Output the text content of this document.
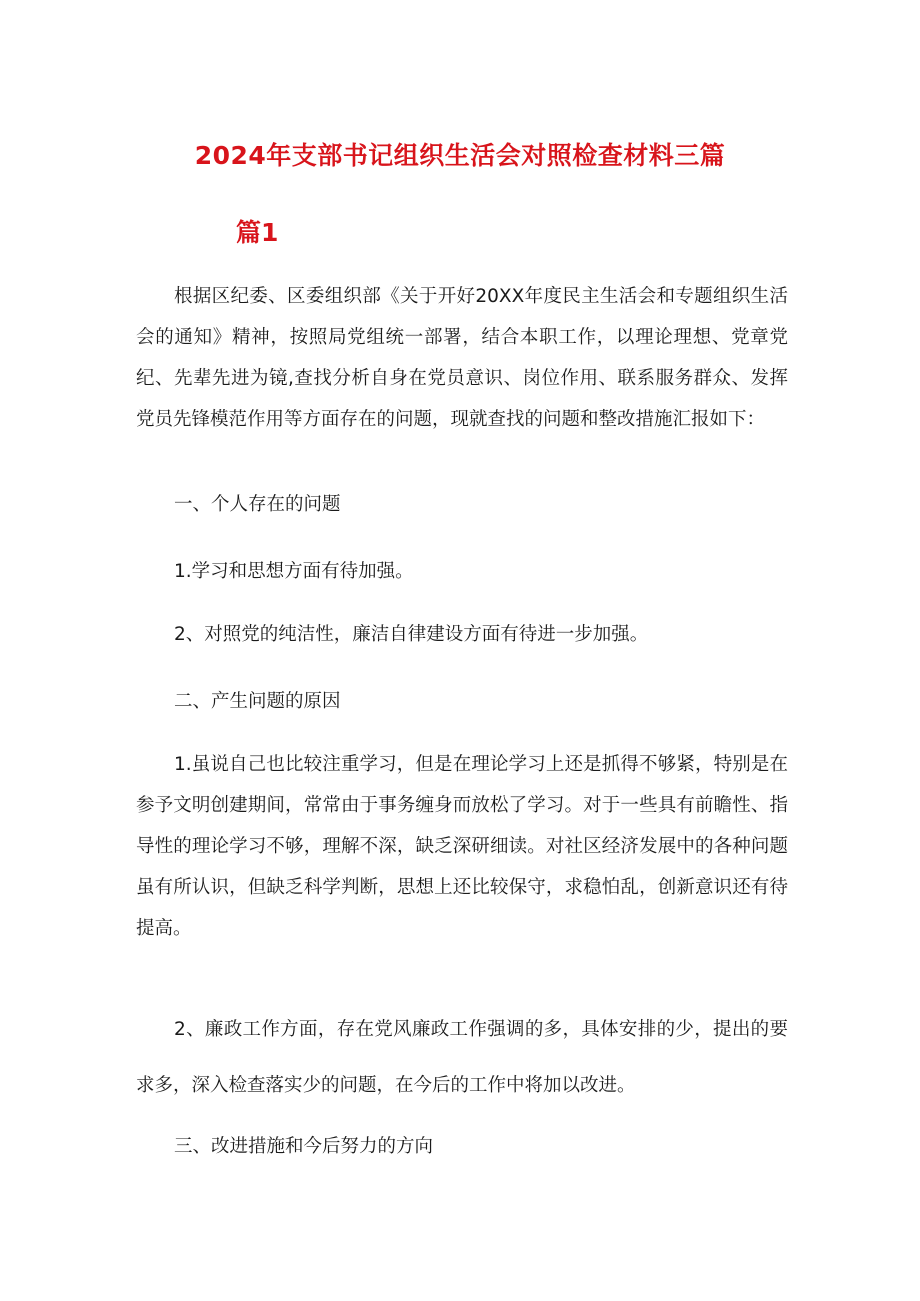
2024年支部书记组织生活会对照检查材料三篇
篇1

根据区纪委、区委组织部《关于开好20XX年度民主生活会和专题组织生活会的通知》精神，按照局党组统一部署，结合本职工作，以理论理想、党章党纪、先辈先进为镜,查找分析自身在党员意识、岗位作用、联系服务群众、发挥党员先锋模范作用等方面存在的问题，现就查找的问题和整改措施汇报如下：

一、个人存在的问题

1.学习和思想方面有待加强。

2、对照党的纯洁性，廉洁自律建设方面有待进一步加强。

二、产生问题的原因

1.虽说自己也比较注重学习，但是在理论学习上还是抓得不够紧，特别是在参予文明创建期间，常常由于事务缠身而放松了学习。对于一些具有前瞻性、指导性的理论学习不够，理解不深，缺乏深研细读。对社区经济发展中的各种问题虽有所认识，但缺乏科学判断，思想上还比较保守，求稳怕乱，创新意识还有待提高。

2、廉政工作方面，存在党风廉政工作强调的多，具体安排的少，提出的要求多，深入检查落实少的问题，在今后的工作中将加以改进。

三、改进措施和今后努力的方向
